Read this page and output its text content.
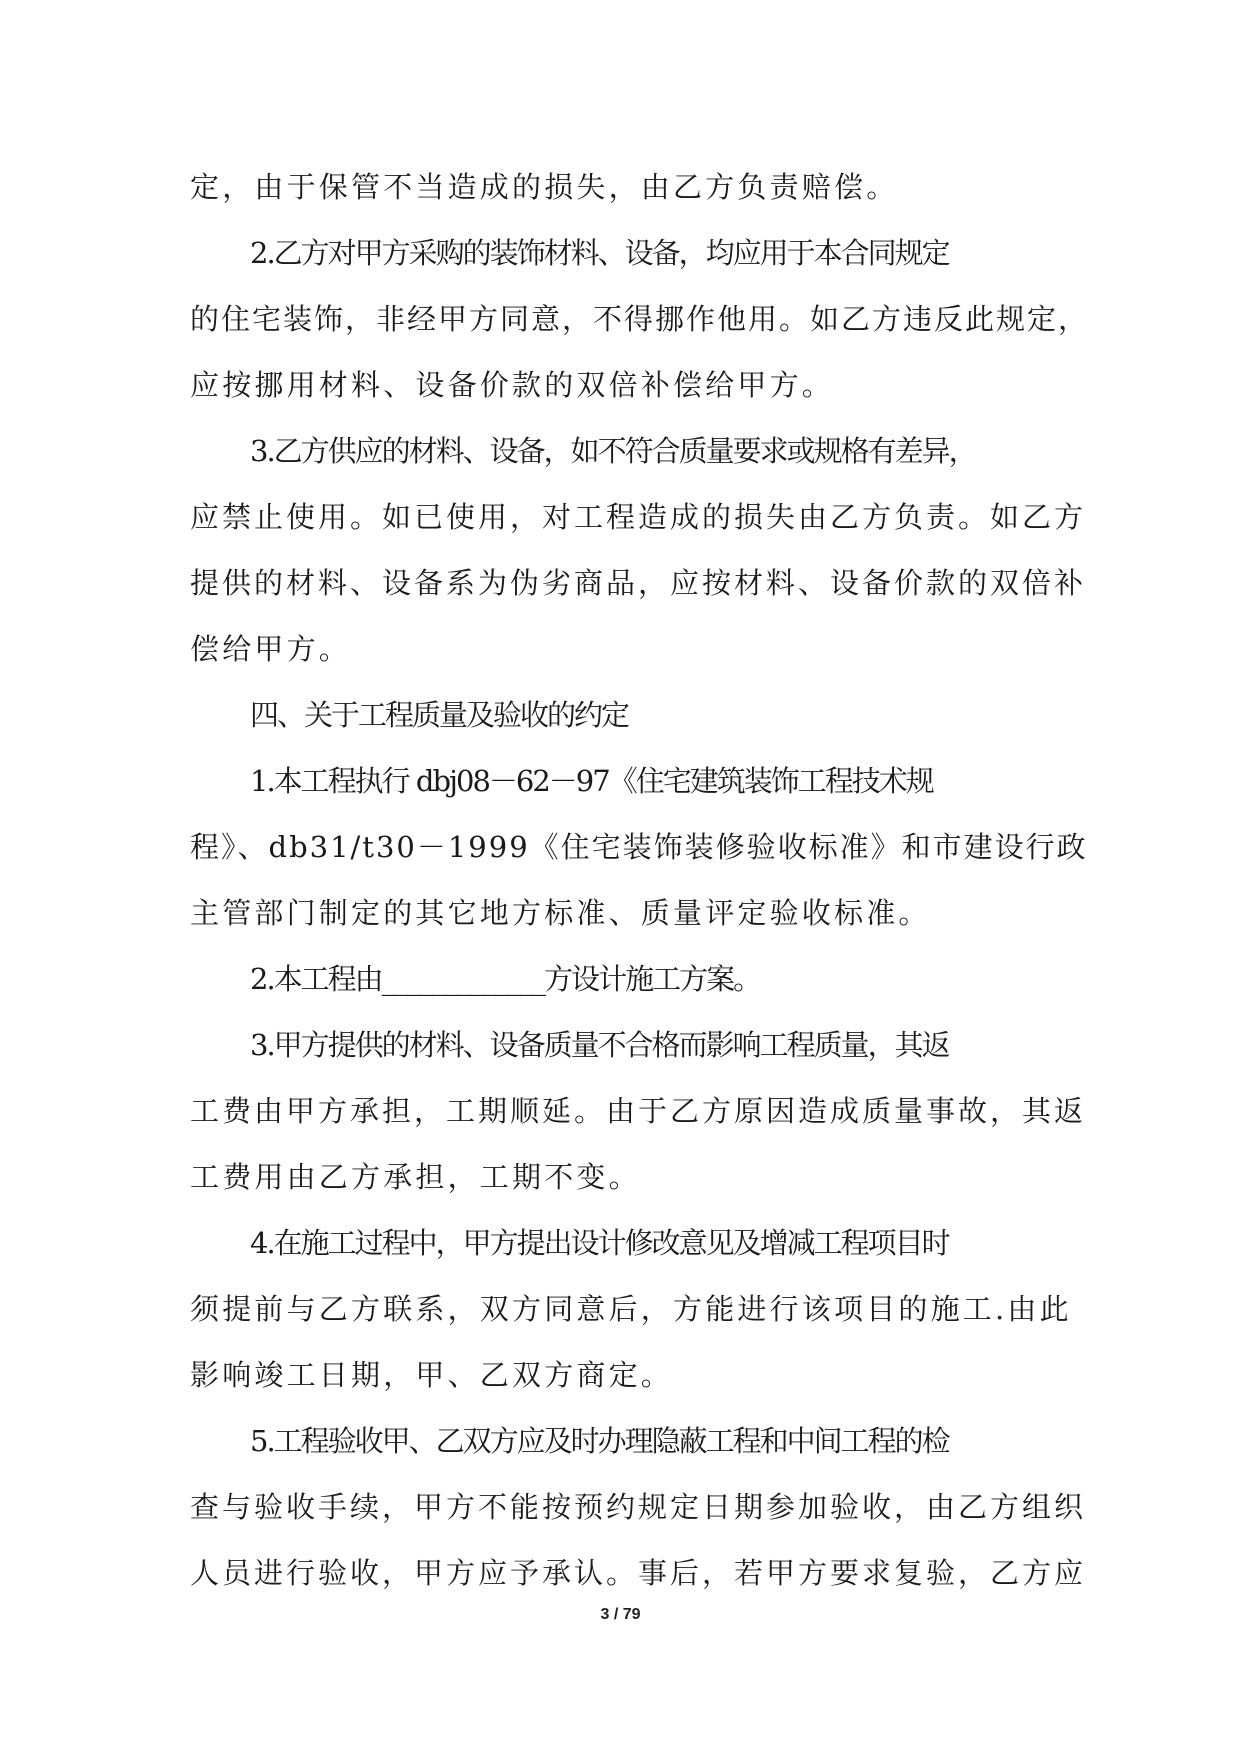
定，由于保管不当造成的损失，由乙方负责赔偿。
2.乙方对甲方采购的装饰材料、设备，均应用于本合同规定
的住宅装饰，非经甲方同意，不得挪作他用。如乙方违反此规定，
应按挪用材料、设备价款的双倍补偿给甲方。
3.乙方供应的材料、设备，如不符合质量要求或规格有差异，
应禁止使用。如已使用，对工程造成的损失由乙方负责。如乙方
提供的材料、设备系为伪劣商品，应按材料、设备价款的双倍补
偿给甲方。
四、关于工程质量及验收的约定
1.本工程执行 dbj08－62－97《住宅建筑装饰工程技术规
程》、db31/t30－1999《住宅装饰装修验收标准》和市建设行政
主管部门制定的其它地方标准、质量评定验收标准。
2.本工程由_____________方设计施工方案。
3.甲方提供的材料、设备质量不合格而影响工程质量，其返
工费由甲方承担，工期顺延。由于乙方原因造成质量事故，其返
工费用由乙方承担，工期不变。
4.在施工过程中，甲方提出设计修改意见及增减工程项目时
须提前与乙方联系，双方同意后，方能进行该项目的施工.由此
影响竣工日期，甲、乙双方商定。
5.工程验收甲、乙双方应及时办理隐蔽工程和中间工程的检
查与验收手续，甲方不能按预约规定日期参加验收，由乙方组织
人员进行验收，甲方应予承认。事后，若甲方要求复验，乙方应
3 / 79
